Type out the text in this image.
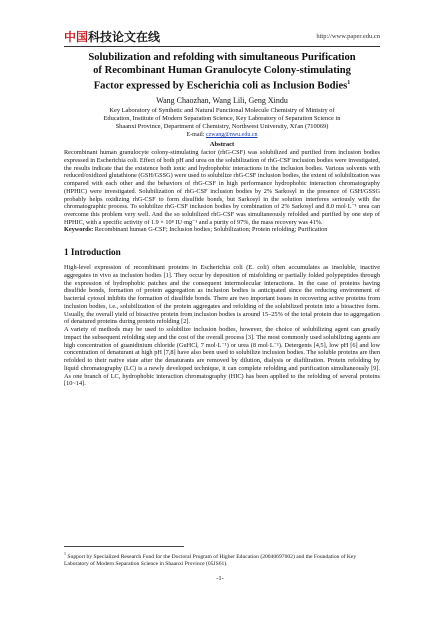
中国 科技论文在线	http://www.paper.edu.cn
Solubilization and refolding with simultaneous Purification
of Recombinant Human Granulocyte Colony-stimulating
Factor expressed by Escherichia coli as Inclusion Bodies$^1$
Wang Chaozhan, Wang Lili, Geng Xindu
Key Laboratory of Synthetic and Natural Functional Molecule Chemistry of Ministry of
Education, Institute of Modern Separation Science, Key Laboratory of Separation Science in
Shaanxi Province, Department of Chemistry, Northwest University, Xi'an (710069)
E-mail: czwang@nwu.edu.cn
Abstract

Recombinant human granulocyte colony-stimulating factor (rhG-CSF) was solubilized and purified from inclusion bodies expressed in Escherichia coli. Effect of both pH and urea on the solubilization of rhG-CSF inclusion bodies were investigated, the results indicate that the existence both ionic and hydrophobic interactions in the inclusion bodies. Various solvents with reduced/oxidized glutathione (GSH/GSSG) were used to solubilize rhG-CSF inclusion bodies, the extent of solubilization was compared with each other and the behaviors of rhG-CSF in high performance hydrophobic interaction chromatography (HPHIC) were investigated. Solubilization of rhG-CSF inclusion bodies by 2% Sarkosyl in the presence of GSH/GSSG probably helps oxidizing rhG-CSF to form disulfide bonds, but Sarkosyl in the solution interferes seriously with the chromatographic process. To solubilize rhG-CSF inclusion bodies by combination of 2% Sarkosyl and 8.0 mol·L⁻¹ urea can overcome this problem very well. And the so solubilized rhG-CSF was simultaneously refolded and purified by one step of HPHIC, with a specific activity of 1.9 × 10⁸ IU·mg⁻¹ and a purity of 97%, the mass recovery was 41%.

Keywords: Recombinant human G-CSF; Inclusion bodies; Solubilization; Protein refolding; Purification
1 Introduction

High-level expression of recombinant proteins in Escherichia coli (E. coli) often accumulates as insoluble, inactive aggregates in vivo as inclusion bodies [1]. They occur by deposition of misfolding or partially folded polypeptides through the expression of hydrophobic patches and the consequent intermolecular interactions. In the case of proteins having disulfide bonds, formation of protein aggregation as inclusion bodies is anticipated since the reducing environment of bacterial cytosol inhibits the formation of disulfide bonds. There are two important issues in recovering active proteins from inclusion bodies, i.e., solubilization of the protein aggregates and refolding of the solubilized protein into a bioactive form. Usually, the overall yield of bioactive protein from inclusion bodies is around 15–25% of the total protein due to aggregation of denatured proteins during protein refolding [2].

A variety of methods may be used to solubilize inclusion bodies, however, the choice of solubilizing agent can greatly impact the subsequent refolding step and the cost of the overall process [3]. The most commonly used solubilizing agents are high concentration of guanidinium chloride (GuHCl, 7 mol·L⁻¹) or urea (8 mol·L⁻¹). Detergents [4,5], low pH [6] and low concentration of denaturant at high pH [7,8] have also been used to solubilize inclusion bodies. The soluble proteins are then refolded to their native state after the denaturants are removed by dilution, dialysis or diafiltration. Protein refolding by liquid chromatography (LC) is a newly developed technique, it can complete refolding and purification simultaneously [9]. As one branch of LC, hydrophobic interaction chromatography (HIC) has been applied to the refolding of several proteins [10~14].

$^1$ Support by Specialized Research Fund for the Doctoral Program of Higher Education (20040697002) and the Foundation of Key Laboratory of Modern Separation Science in Shaanxi Province (05JS61).
-1-
